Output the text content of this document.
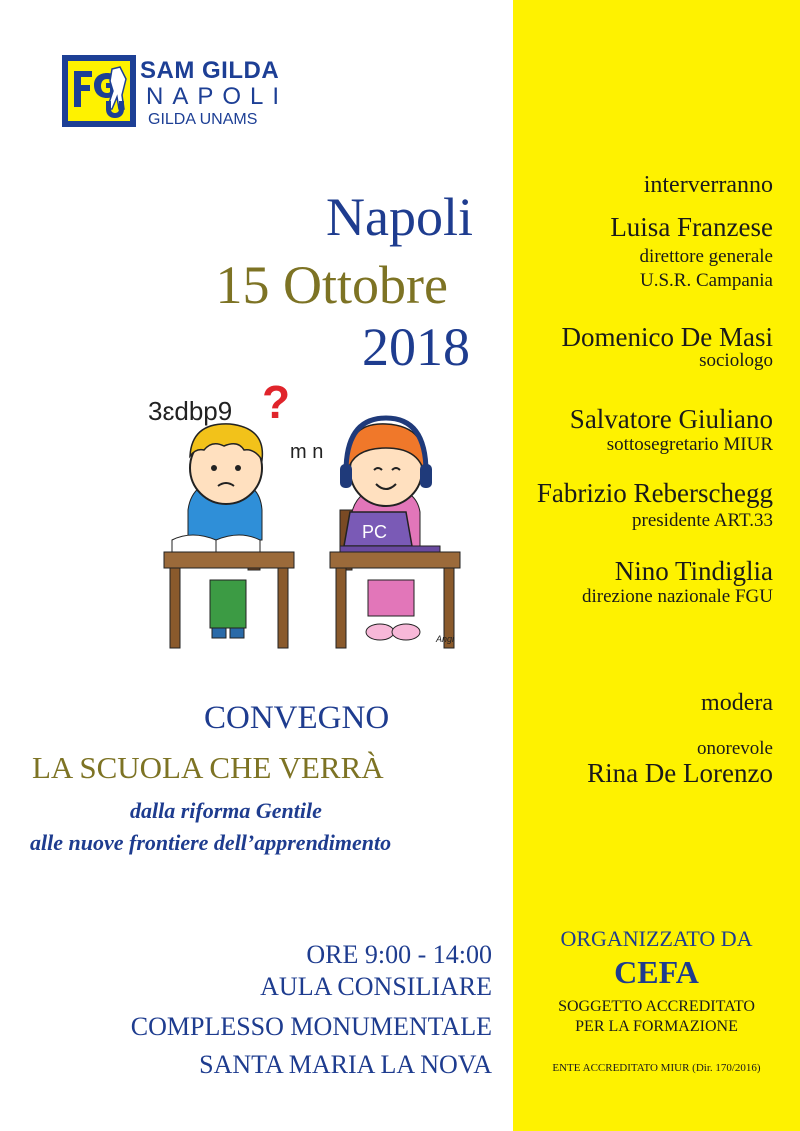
SAM GILDA
NAPOLI
GILDA UNAMS
Napoli
15 Ottobre
2018
3ɛdbp9 ?
m n
PC
Angi
CONVEGNO
LA SCUOLA CHE VERRÀ
dalla riforma Gentile
alle nuove frontiere dell’apprendimento
ORE 9:00 - 14:00
AULA CONSILIARE
COMPLESSO MONUMENTALE
SANTA MARIA LA NOVA
interverranno
Luisa Franzese
direttore generale
U.S.R. Campania
Domenico De Masi
sociologo
Salvatore Giuliano
sottosegretario MIUR
Fabrizio Reberschegg
presidente ART.33
Nino Tindiglia
direzione nazionale FGU
modera
onorevole
Rina De Lorenzo
ORGANIZZATO DA
CEFA
SOGGETTO ACCREDITATO
PER LA FORMAZIONE
ENTE ACCREDITATO MIUR (Dir. 170/2016)
